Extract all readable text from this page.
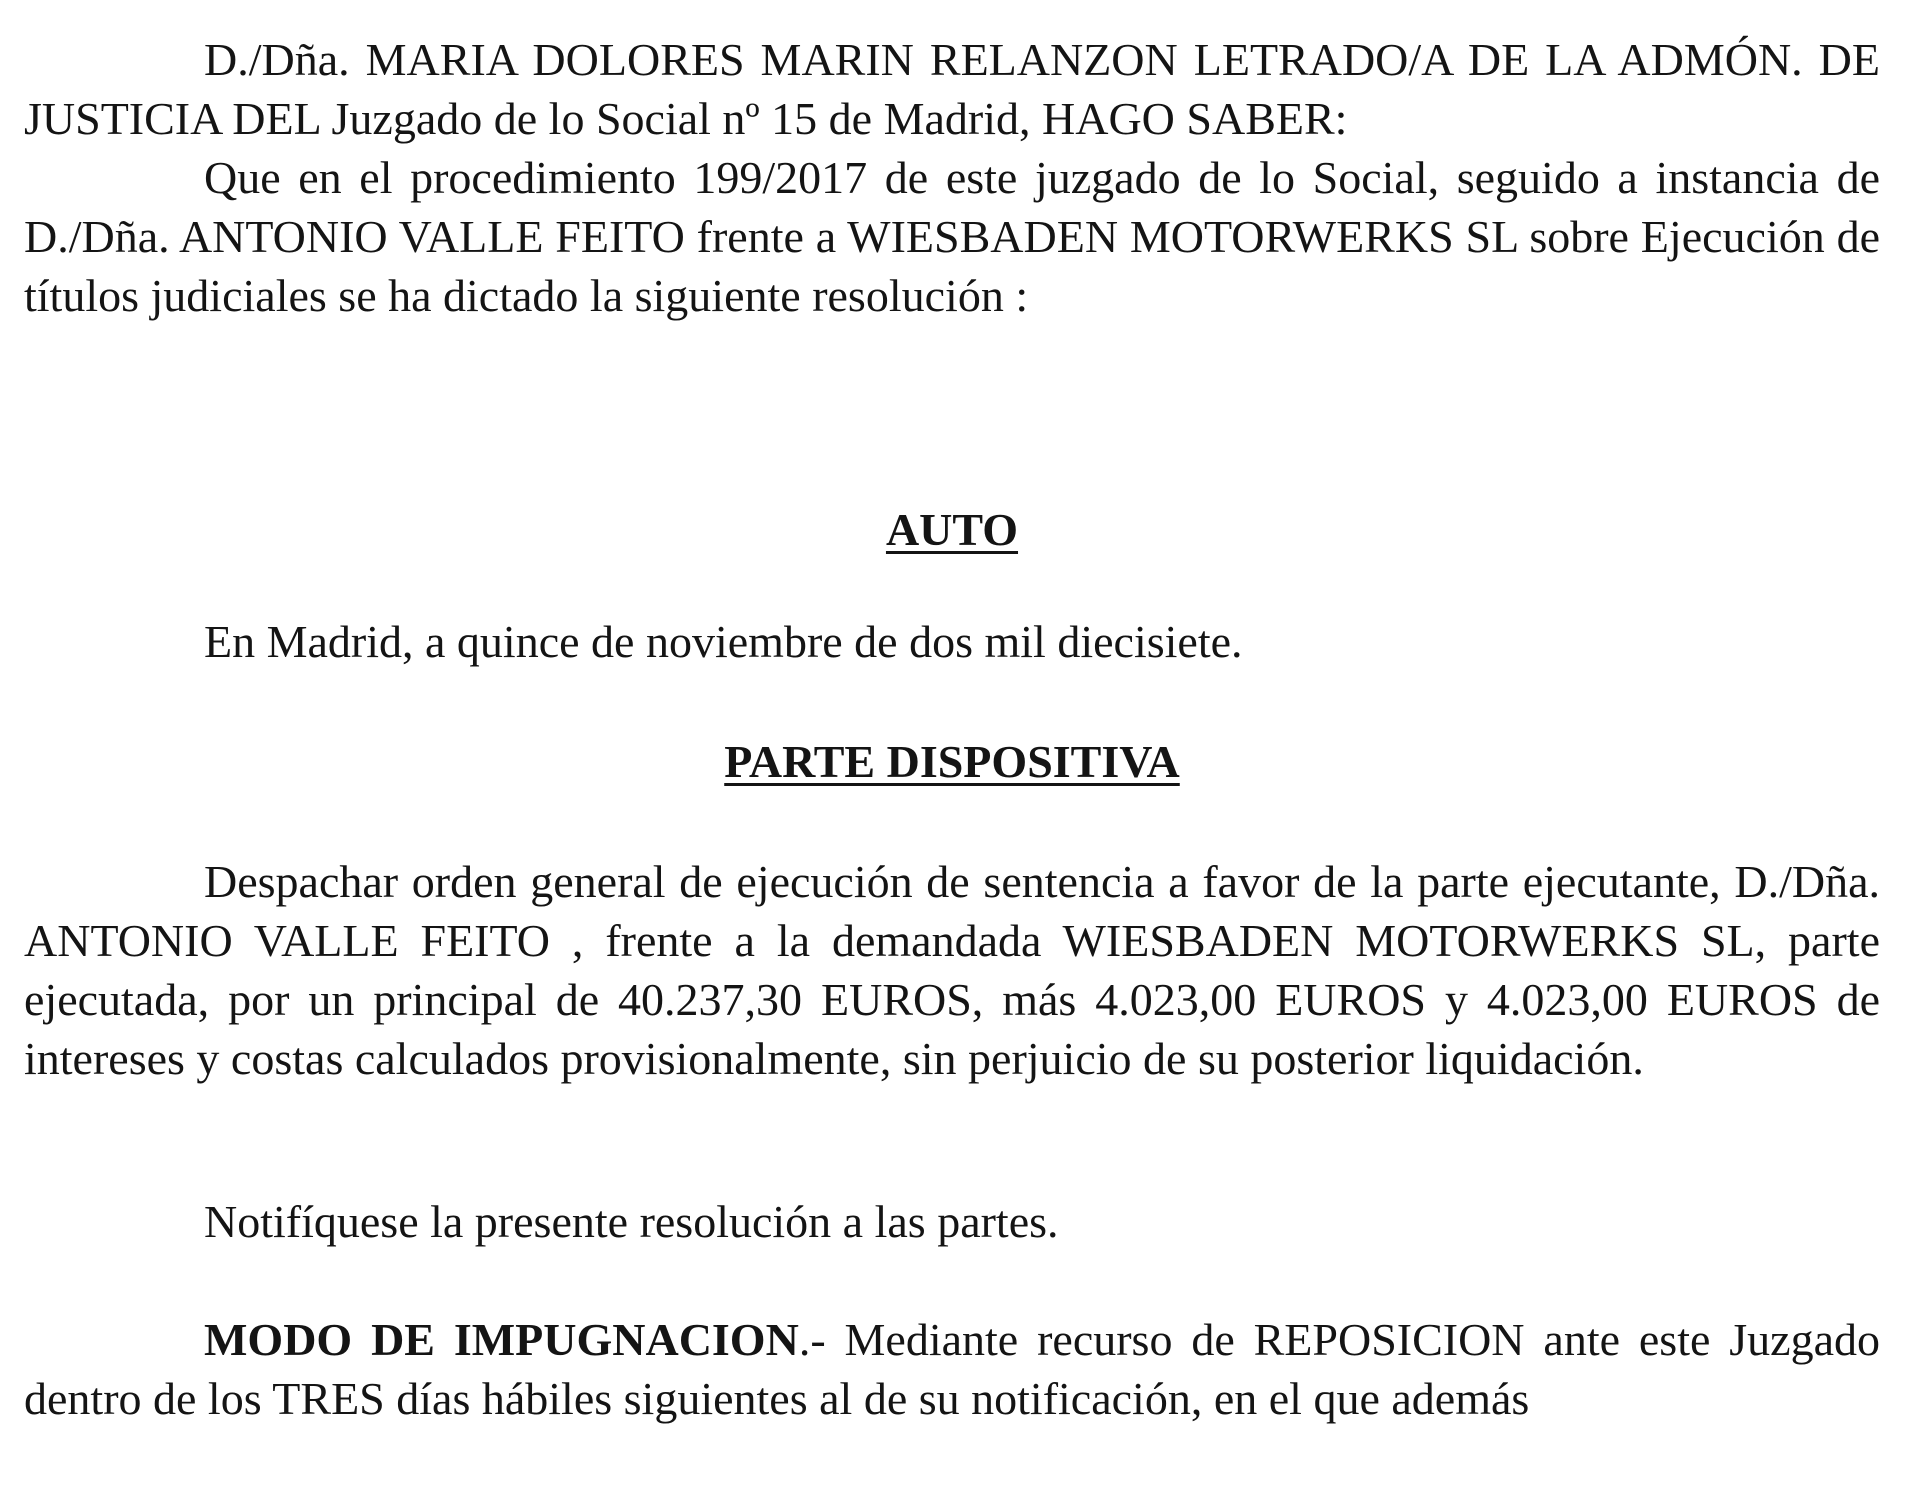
D./Dña. MARIA DOLORES MARIN RELANZON LETRADO/A DE LA ADMÓN. DE JUSTICIA DEL Juzgado de lo Social nº 15 de Madrid, HAGO SABER:

Que en el procedimiento 199/2017 de este juzgado de lo Social, seguido a instancia de D./Dña. ANTONIO VALLE FEITO frente a WIESBADEN MOTORWERKS SL sobre Ejecución de títulos judiciales se ha dictado la siguiente resolución :

AUTO

En Madrid, a quince de noviembre de dos mil diecisiete.

PARTE DISPOSITIVA

Despachar orden general de ejecución de sentencia a favor de la parte ejecutante, D./Dña. ANTONIO VALLE FEITO , frente a la demandada WIESBADEN MOTORWERKS SL, parte ejecutada, por un principal de 40.237,30 EUROS, más 4.023,00 EUROS y 4.023,00 EUROS de intereses y costas calculados provisionalmente, sin perjuicio de su posterior liquidación.

Notifíquese la presente resolución a las partes.

MODO DE IMPUGNACION.- Mediante recurso de REPOSICION ante este Juzgado dentro de los TRES días hábiles siguientes al de su notificación, en el que además
